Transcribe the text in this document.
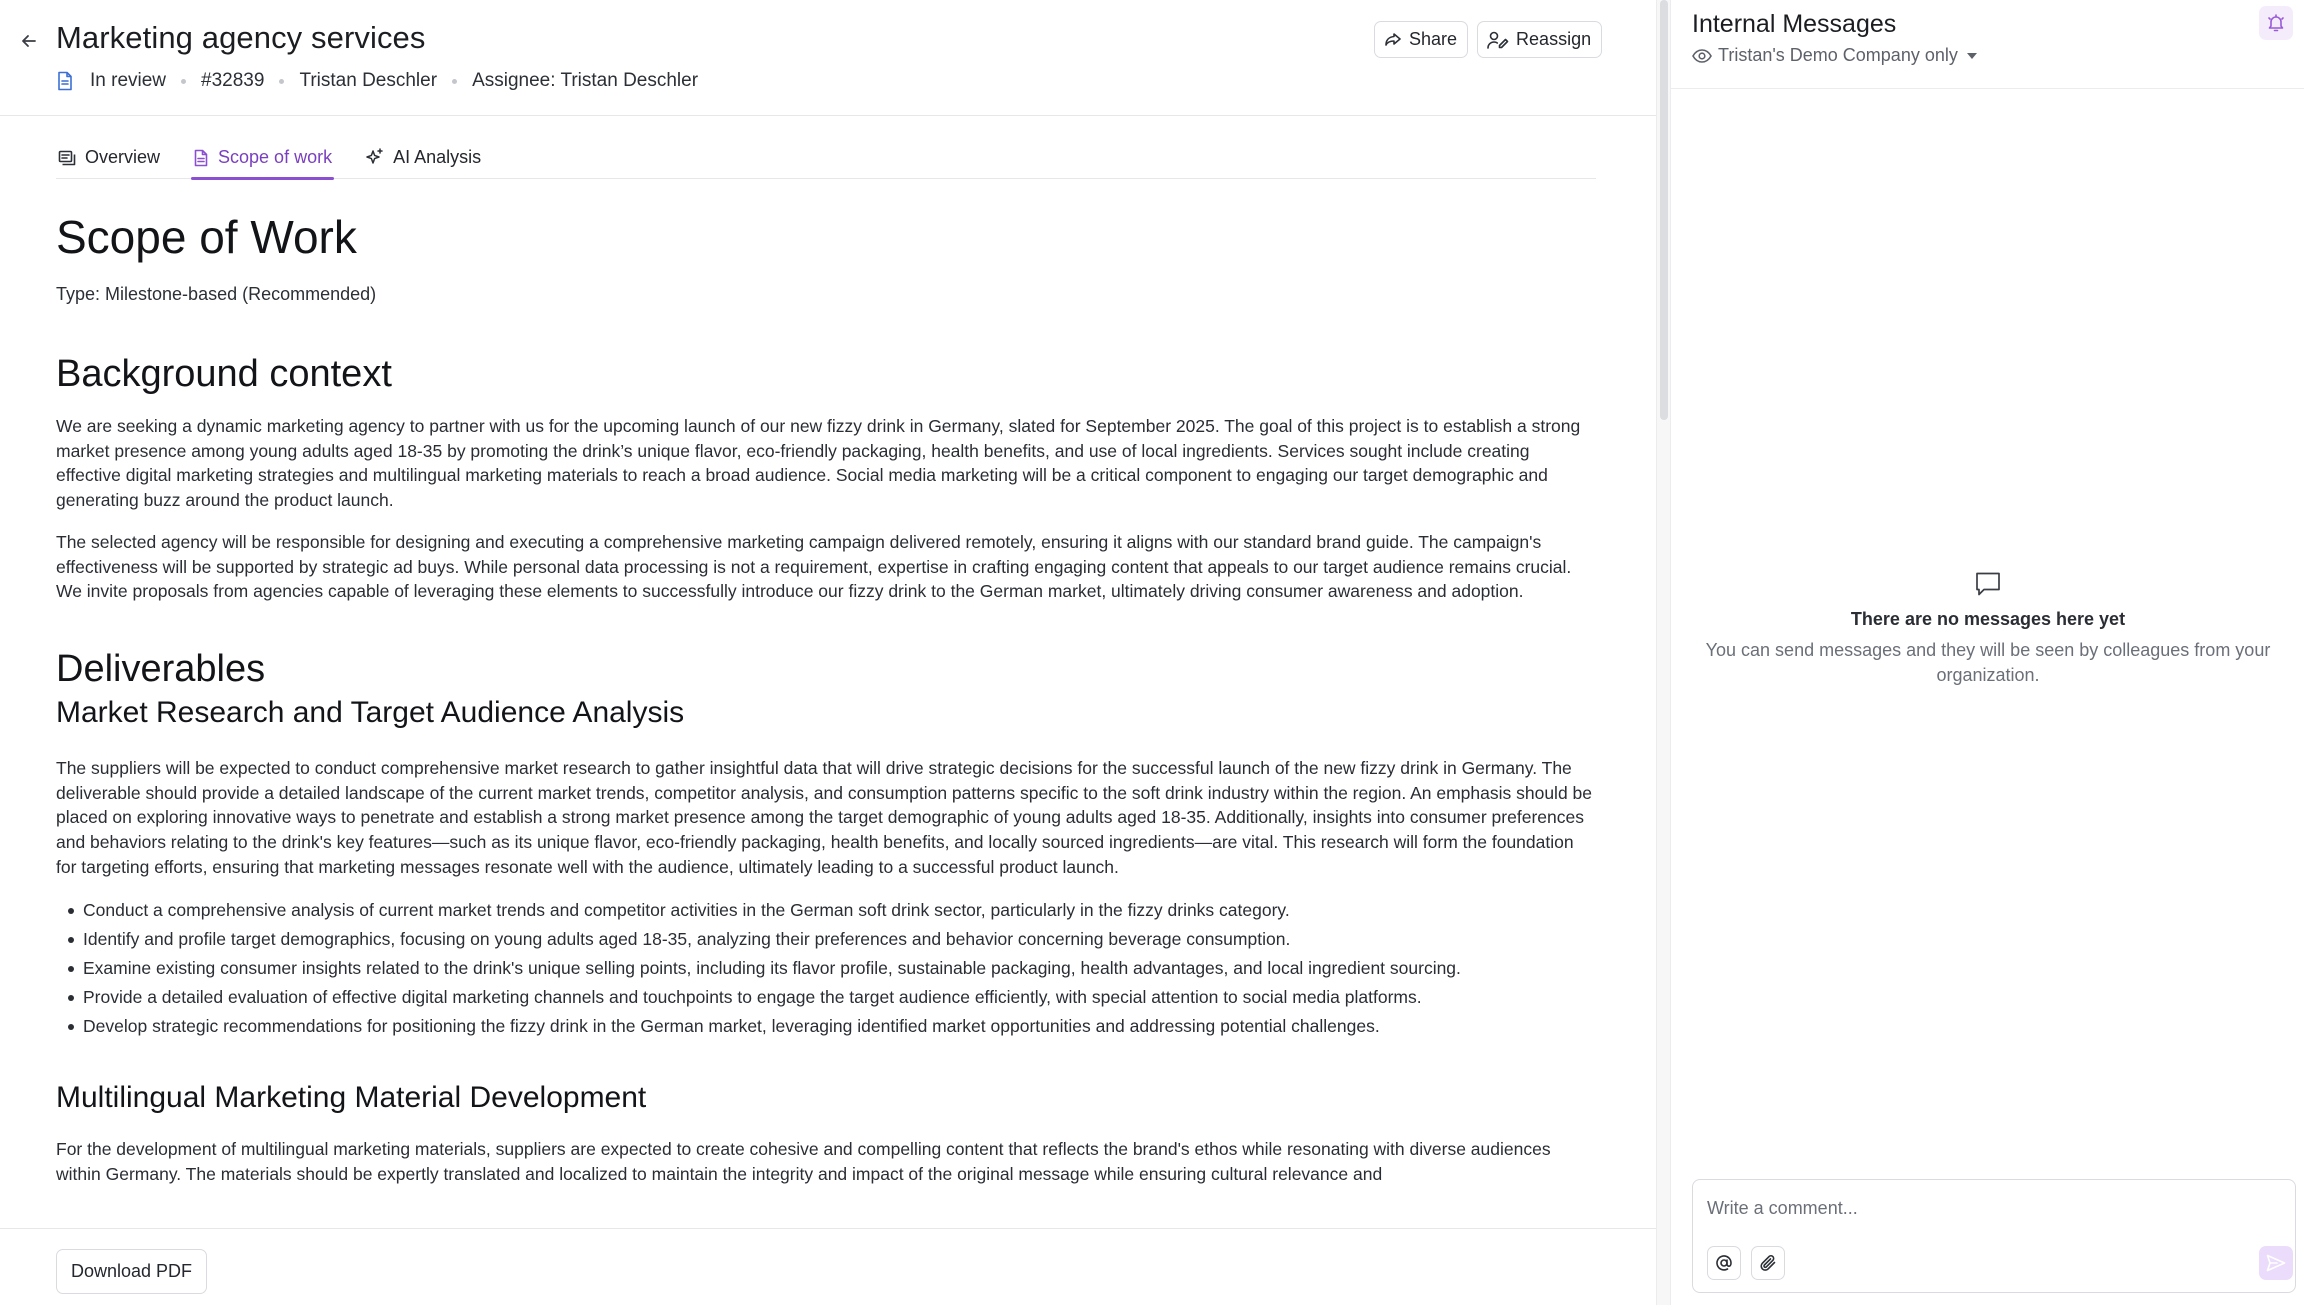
Marketing agency services
In review #32839 Tristan Deschler Assignee: Tristan Deschler
Share	Reassign
Overview	Scope of work	AI Analysis
Scope of Work
Type: Milestone-based (Recommended)
Background context

We are seeking a dynamic marketing agency to partner with us for the upcoming launch of our new fizzy drink in Germany, slated for September 2025. The goal of this project is to establish a strong market presence among young adults aged 18-35 by promoting the drink’s unique flavor, eco-friendly packaging, health benefits, and use of local ingredients. Services sought include creating effective digital marketing strategies and multilingual marketing materials to reach a broad audience. Social media marketing will be a critical component to engaging our target demographic and generating buzz around the product launch.

The selected agency will be responsible for designing and executing a comprehensive marketing campaign delivered remotely, ensuring it aligns with our standard brand guide. The campaign's effectiveness will be supported by strategic ad buys. While personal data processing is not a requirement, expertise in crafting engaging content that appeals to our target audience remains crucial. We invite proposals from agencies capable of leveraging these elements to successfully introduce our fizzy drink to the German market, ultimately driving consumer awareness and adoption.

Deliverables
Market Research and Target Audience Analysis

The suppliers will be expected to conduct comprehensive market research to gather insightful data that will drive strategic decisions for the successful launch of the new fizzy drink in Germany. The deliverable should provide a detailed landscape of the current market trends, competitor analysis, and consumption patterns specific to the soft drink industry within the region. An emphasis should be placed on exploring innovative ways to penetrate and establish a strong market presence among the target demographic of young adults aged 18-35. Additionally, insights into consumer preferences and behaviors relating to the drink's key features—such as its unique flavor, eco-friendly packaging, health benefits, and locally sourced ingredients—are vital. This research will form the foundation for targeting efforts, ensuring that marketing messages resonate well with the audience, ultimately leading to a successful product launch.

Conduct a comprehensive analysis of current market trends and competitor activities in the German soft drink sector, particularly in the fizzy drinks category.
Identify and profile target demographics, focusing on young adults aged 18-35, analyzing their preferences and behavior concerning beverage consumption.
Examine existing consumer insights related to the drink's unique selling points, including its flavor profile, sustainable packaging, health advantages, and local ingredient sourcing.
Provide a detailed evaluation of effective digital marketing channels and touchpoints to engage the target audience efficiently, with special attention to social media platforms.
Develop strategic recommendations for positioning the fizzy drink in the German market, leveraging identified market opportunities and addressing potential challenges.
Multilingual Marketing Material Development

For the development of multilingual marketing materials, suppliers are expected to create cohesive and compelling content that reflects the brand's ethos while resonating with diverse audiences within Germany. The materials should be expertly translated and localized to maintain the integrity and impact of the original message while ensuring cultural relevance and

Download PDF
Internal Messages
Tristan's Demo Company only
There are no messages here yet
You can send messages and they will be seen by colleagues from your organization.
Write a comment...
